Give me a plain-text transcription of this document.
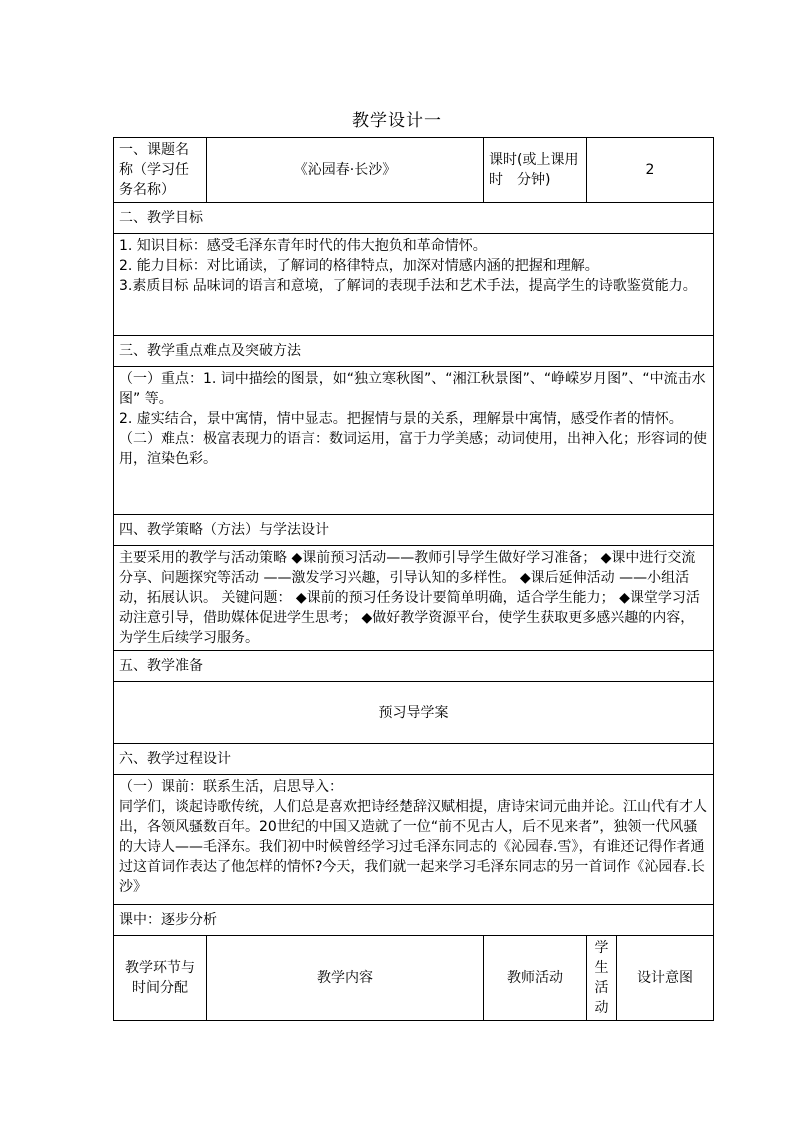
教学设计一
一、课题名称（学习任务名称）	《沁园春·长沙》	课时(或上课用时　分钟)	2	
二、教学目标				

1. 知识目标：感受毛泽东青年时代的伟大抱负和革命情怀。

2. 能力目标：对比诵读，了解词的格律特点，加深对情感内涵的把握和理解。

3.素质目标 品味词的语言和意境，了解词的表现手法和艺术手法，提高学生的诗歌鉴赏能力。				

三、教学重点难点及突破方法				

（一）重点：1. 词中描绘的图景，如“独立寒秋图”、“湘江秋景图”、“峥嵘岁月图”、“中流击水图” 等。

2. 虚实结合，景中寓情，情中显志。把握情与景的关系，理解景中寓情，感受作者的情怀。

（二）难点：极富表现力的语言：数词运用，富于力学美感；动词使用，出神入化；形容词的使用，渲染色彩。				

四、教学策略（方法）与学法设计				
主要采用的教学与活动策略 ◆课前预习活动——教师引导学生做好学习准备； ◆课中进行交流分享、问题探究等活动 ——激发学习兴趣，引导认知的多样性。 ◆课后延伸活动 ——小组活动，拓展认识。 关键问题： ◆课前的预习任务设计要简单明确，适合学生能力； ◆课堂学习活动注意引导，借助媒体促进学生思考； ◆做好教学资源平台，使学生获取更多感兴趣的内容，为学生后续学习服务。				
五、教学准备				
预习导学案				
六、教学过程设计				

（一）课前：联系生活，启思导入：

同学们，谈起诗歌传统，人们总是喜欢把诗经楚辞汉赋相提，唐诗宋词元曲并论。江山代有才人出，各领风骚数百年。20世纪的中国又造就了一位“前不见古人，后不见来者”，独领一代风骚的大诗人——毛泽东。我们初中时候曾经学习过毛泽东同志的《沁园春.雪》，有谁还记得作者通过这首词作表达了他怎样的情怀?今天，我们就一起来学习毛泽东同志的另一首词作《沁园春.长沙》				

课中：逐步分析				
教学环节与时间分配	教学内容	教师活动	学生活动	设计意图
